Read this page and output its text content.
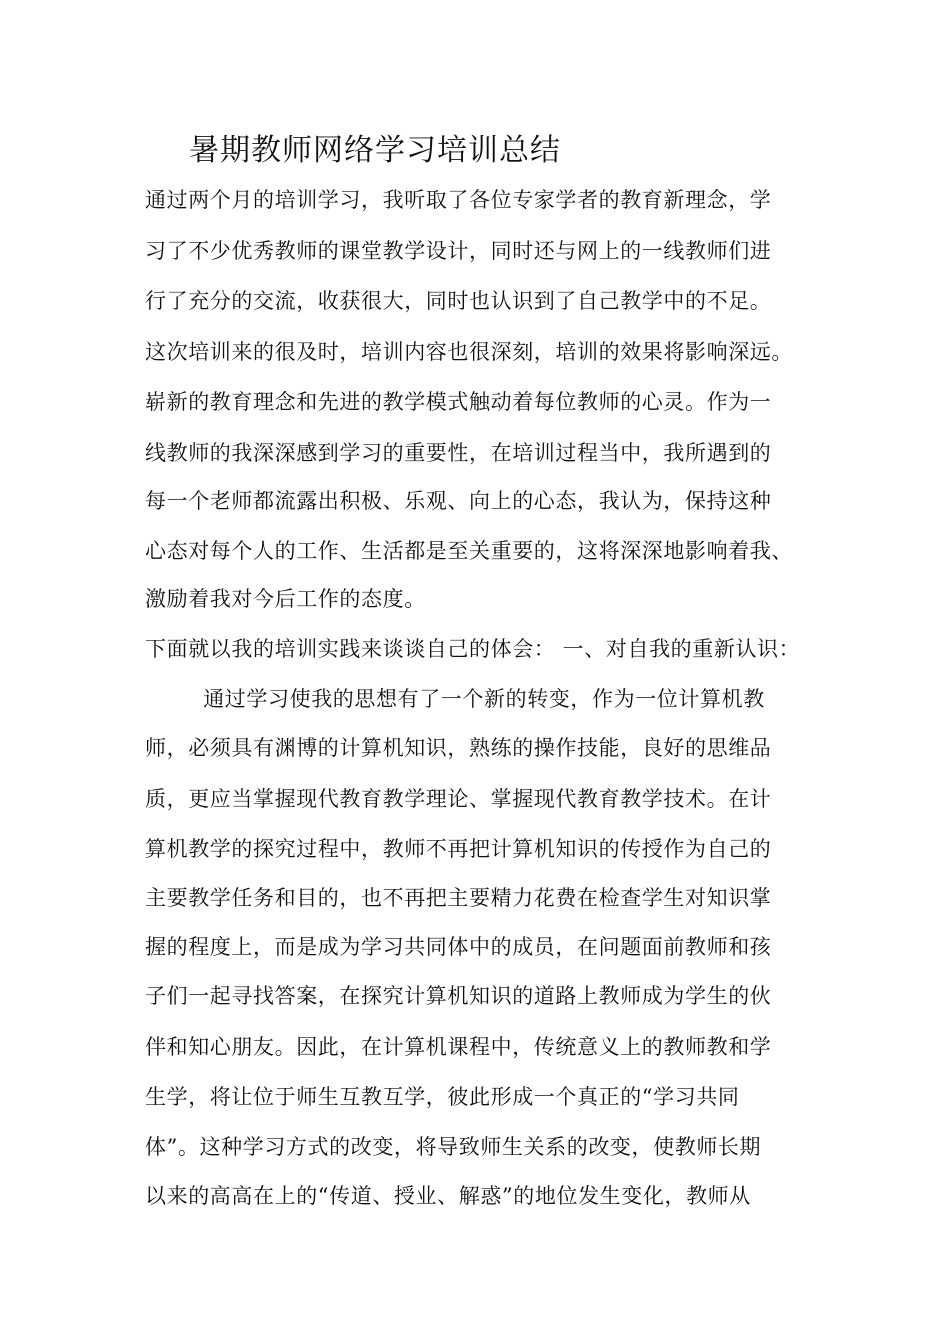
暑期教师网络学习培训总结
通过两个月的培训学习，我听取了各位专家学者的教育新理念，学
习了不少优秀教师的课堂教学设计，同时还与网上的一线教师们进
行了充分的交流，收获很大，同时也认识到了自己教学中的不足。
这次培训来的很及时，培训内容也很深刻，培训的效果将影响深远。
崭新的教育理念和先进的教学模式触动着每位教师的心灵。作为一
线教师的我深深感到学习的重要性，在培训过程当中，我所遇到的
每一个老师都流露出积极、乐观、向上的心态，我认为，保持这种
心态对每个人的工作、生活都是至关重要的，这将深深地影响着我、
激励着我对今后工作的态度。
下面就以我的培训实践来谈谈自己的体会： 一、对自我的重新认识：
通过学习使我的思想有了一个新的转变，作为一位计算机教
师，必须具有渊博的计算机知识，熟练的操作技能，良好的思维品
质，更应当掌握现代教育教学理论、掌握现代教育教学技术。在计
算机教学的探究过程中，教师不再把计算机知识的传授作为自己的
主要教学任务和目的，也不再把主要精力花费在检查学生对知识掌
握的程度上，而是成为学习共同体中的成员，在问题面前教师和孩
子们一起寻找答案，在探究计算机知识的道路上教师成为学生的伙
伴和知心朋友。因此，在计算机课程中，传统意义上的教师教和学
生学，将让位于师生互教互学，彼此形成一个真正的“学习共同
体”。这种学习方式的改变，将导致师生关系的改变，使教师长期
以来的高高在上的“传道、授业、解惑”的地位发生变化，教师从
